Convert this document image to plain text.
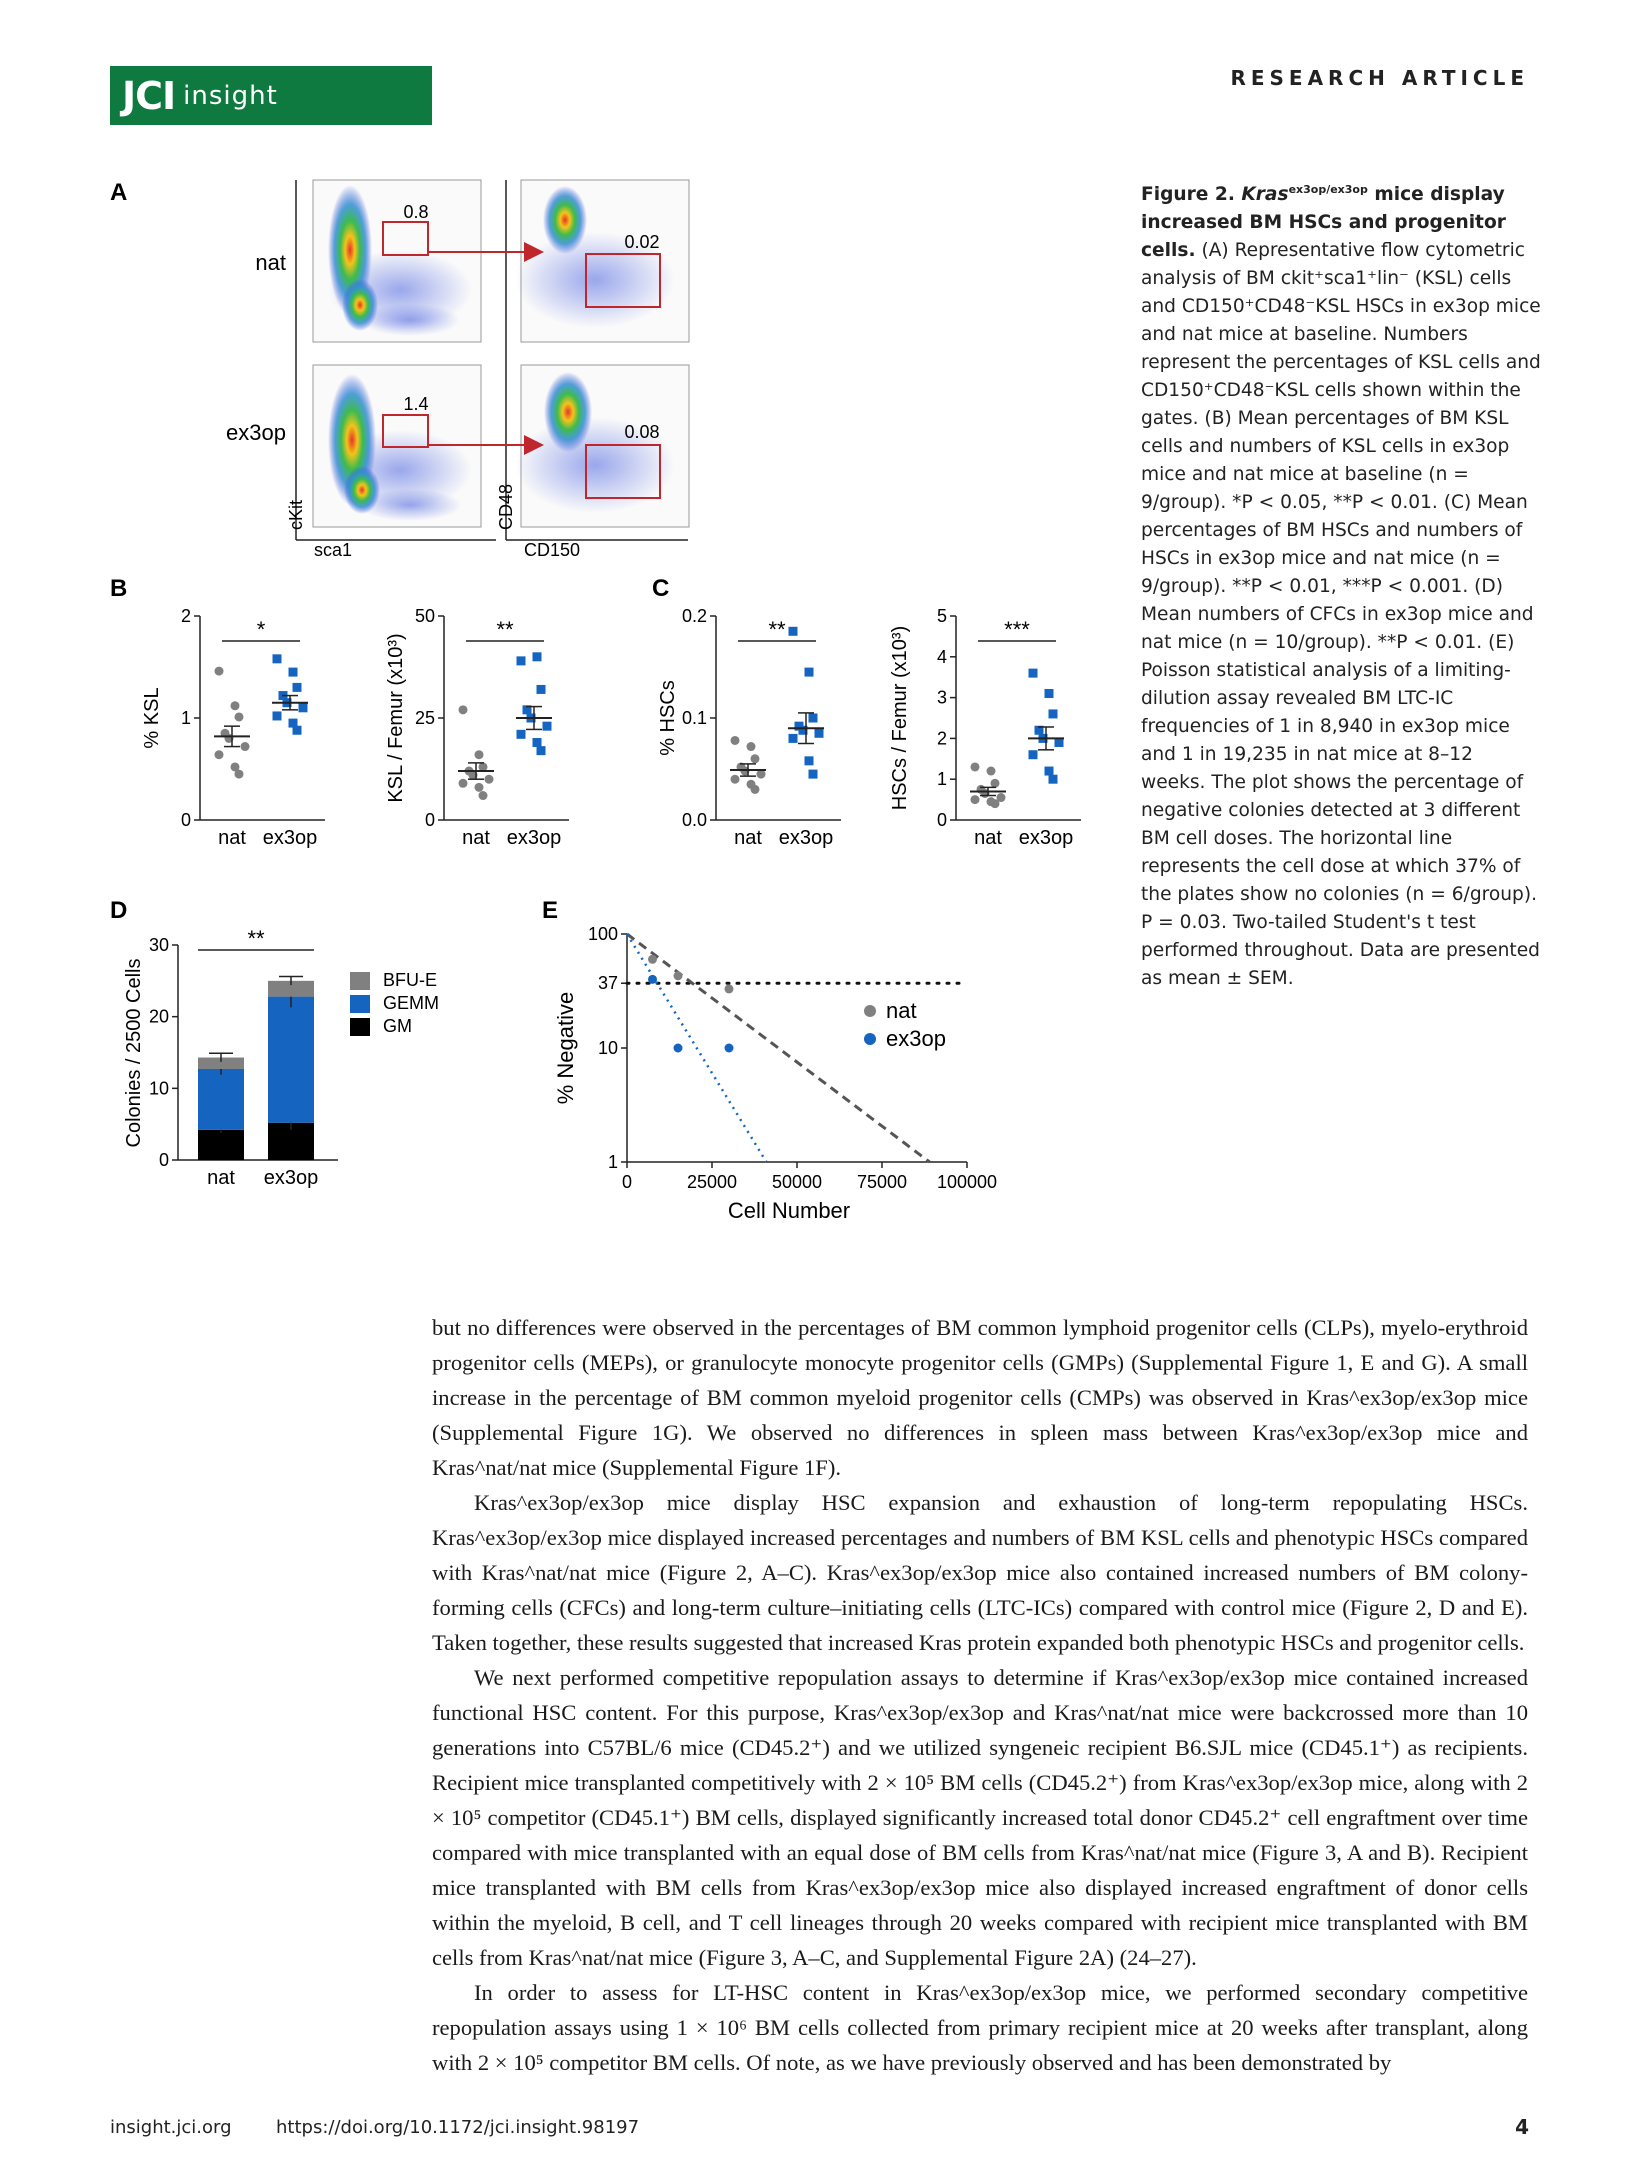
JCI insight
RESEARCH ARTICLE
A
B	C
D	E
nat
ex3op
0.8
0.02
1.4
0.08
sca1
cKit
CD150
CD48
0
1
2
% KSL
nat ex3op
*
0
25
50
KSL / Femur (x10³)
nat ex3op
**
0.0
0.1
0.2
% HSCs
nat ex3op
**
0
1
2
3
4
5
HSCs / Femur (x10³)
nat ex3op
***
0
10
20
30
Colonies / 2500 Cells
nat ex3op
**
BFU-E
GEMM
GM
1
10
37
100
0	25000 50000 75000 100000
Cell Number
% Negative	nat
ex3op
Figure 2. Kras$^{ex3op/ex3op}$ mice display increased BM HSCs and progenitor cells. (A) Representative flow cytometric analysis of BM ckit⁺sca1⁺lin⁻ (KSL) cells and CD150⁺CD48⁻KSL HSCs in ex3op mice and nat mice at baseline. Numbers represent the percentages of KSL cells and CD150⁺CD48⁻KSL cells shown within the gates. (B) Mean percentages of BM KSL cells and numbers of KSL cells in ex3op mice and nat mice at baseline (n = 9/group). *P < 0.05, **P < 0.01. (C) Mean percentages of BM HSCs and numbers of HSCs in ex3op mice and nat mice (n = 9/group). **P < 0.01, ***P < 0.001. (D) Mean numbers of CFCs in ex3op mice and nat mice (n = 10/group). **P < 0.01. (E) Poisson statistical analysis of a limiting-dilution assay revealed BM LTC-IC frequencies of 1 in 8,940 in ex3op mice and 1 in 19,235 in nat mice at 8–12 weeks. The plot shows the percentage of negative colonies detected at 3 different BM cell doses. The horizontal line represents the cell dose at which 37% of the plates show no colonies (n = 6/group). P = 0.03. Two-tailed Student's t test performed throughout. Data are presented as mean ± SEM.

but no differences were observed in the percentages of BM common lymphoid progenitor cells (CLPs), myelo-erythroid progenitor cells (MEPs), or granulocyte monocyte progenitor cells (GMPs) (Supplemental Figure 1, E and G). A small increase in the percentage of BM common myeloid progenitor cells (CMPs) was observed in Kras^ex3op/ex3op mice (Supplemental Figure 1G). We observed no differences in spleen mass between Kras^ex3op/ex3op mice and Kras^nat/nat mice (Supplemental Figure 1F).

Kras^ex3op/ex3op mice display HSC expansion and exhaustion of long-term repopulating HSCs. Kras^ex3op/ex3op mice displayed increased percentages and numbers of BM KSL cells and phenotypic HSCs compared with Kras^nat/nat mice (Figure 2, A–C). Kras^ex3op/ex3op mice also contained increased numbers of BM colony-forming cells (CFCs) and long-term culture–initiating cells (LTC-ICs) compared with control mice (Figure 2, D and E). Taken together, these results suggested that increased Kras protein expanded both phenotypic HSCs and progenitor cells.

We next performed competitive repopulation assays to determine if Kras^ex3op/ex3op mice contained increased functional HSC content. For this purpose, Kras^ex3op/ex3op and Kras^nat/nat mice were backcrossed more than 10 generations into C57BL/6 mice (CD45.2⁺) and we utilized syngeneic recipient B6.SJL mice (CD45.1⁺) as recipients. Recipient mice transplanted competitively with 2 × 10⁵ BM cells (CD45.2⁺) from Kras^ex3op/ex3op mice, along with 2 × 10⁵ competitor (CD45.1⁺) BM cells, displayed significantly increased total donor CD45.2⁺ cell engraftment over time compared with mice transplanted with an equal dose of BM cells from Kras^nat/nat mice (Figure 3, A and B). Recipient mice transplanted with BM cells from Kras^ex3op/ex3op mice also displayed increased engraftment of donor cells within the myeloid, B cell, and T cell lineages through 20 weeks compared with recipient mice transplanted with BM cells from Kras^nat/nat mice (Figure 3, A–C, and Supplemental Figure 2A) (24–27).

In order to assess for LT-HSC content in Kras^ex3op/ex3op mice, we performed secondary competitive repopulation assays using 1 × 10⁶ BM cells collected from primary recipient mice at 20 weeks after transplant, along with 2 × 10⁵ competitor BM cells. Of note, as we have previously observed and has been demonstrated by

insight.jci.org https://doi.org/10.1172/jci.insight.98197	4
